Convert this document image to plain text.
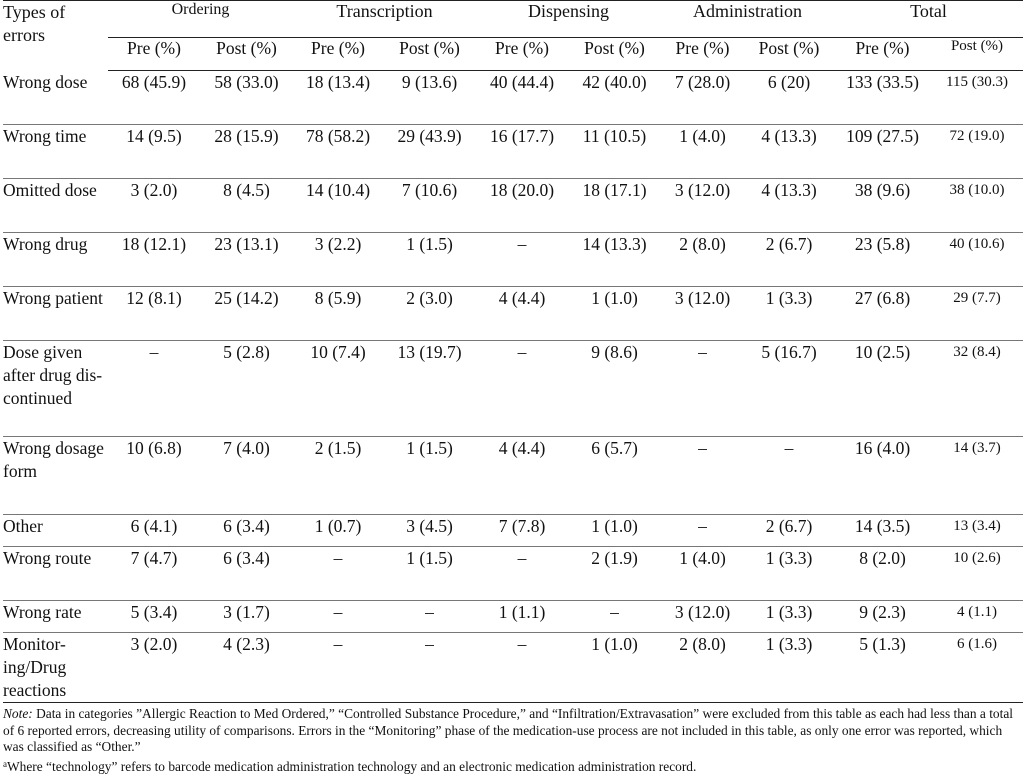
Types of errors	Ordering		Transcription		Dispensing		Administration		Total	
	Pre (%)	Post (%)	Pre (%)	Post (%)	Pre (%)	Post (%)	Pre (%)	Post (%)	Pre (%)	Post (%)
Wrong dose	68 (45.9)	58 (33.0)	18 (13.4)	9 (13.6)	40 (44.4)	42 (40.0)	7 (28.0)	6 (20)	133 (33.5)	115 (30.3)
Wrong time	14 (9.5)	28 (15.9)	78 (58.2)	29 (43.9)	16 (17.7)	11 (10.5)	1 (4.0)	4 (13.3)	109 (27.5)	72 (19.0)
Omitted dose	3 (2.0)	8 (4.5)	14 (10.4)	7 (10.6)	18 (20.0)	18 (17.1)	3 (12.0)	4 (13.3)	38 (9.6)	38 (10.0)
Wrong drug	18 (12.1)	23 (13.1)	3 (2.2)	1 (1.5)	–	14 (13.3)	2 (8.0)	2 (6.7)	23 (5.8)	40 (10.6)
Wrong patient	12 (8.1)	25 (14.2)	8 (5.9)	2 (3.0)	4 (4.4)	1 (1.0)	3 (12.0)	1 (3.3)	27 (6.8)	29 (7.7)
Dose given after drug dis-continued	–	5 (2.8)	10 (7.4)	13 (19.7)	–	9 (8.6)	–	5 (16.7)	10 (2.5)	32 (8.4)
Wrong dosage form	10 (6.8)	7 (4.0)	2 (1.5)	1 (1.5)	4 (4.4)	6 (5.7)	–	–	16 (4.0)	14 (3.7)
Other	6 (4.1)	6 (3.4)	1 (0.7)	3 (4.5)	7 (7.8)	1 (1.0)	–	2 (6.7)	14 (3.5)	13 (3.4)
Wrong route	7 (4.7)	6 (3.4)	–	1 (1.5)	–	2 (1.9)	1 (4.0)	1 (3.3)	8 (2.0)	10 (2.6)
Wrong rate	5 (3.4)	3 (1.7)	–	–	1 (1.1)	–	3 (12.0)	1 (3.3)	9 (2.3)	4 (1.1)
Monitor-ing/Drug reactions	3 (2.0)	4 (2.3)	–	–	–	1 (1.0)	2 (8.0)	1 (3.3)	5 (1.3)	6 (1.6)

Note: Data in categories ”Allergic Reaction to Med Ordered,” “Controlled Substance Procedure,” and “Infiltration/Extravasation” were excluded from this table as each had less than a total of 6 reported errors, decreasing utility of comparisons. Errors in the “Monitoring” phase of the medication-use process are not included in this table, as only one error was reported, which was classified as “Other.”

$^a$Where “technology” refers to barcode medication administration technology and an electronic medication administration record.
